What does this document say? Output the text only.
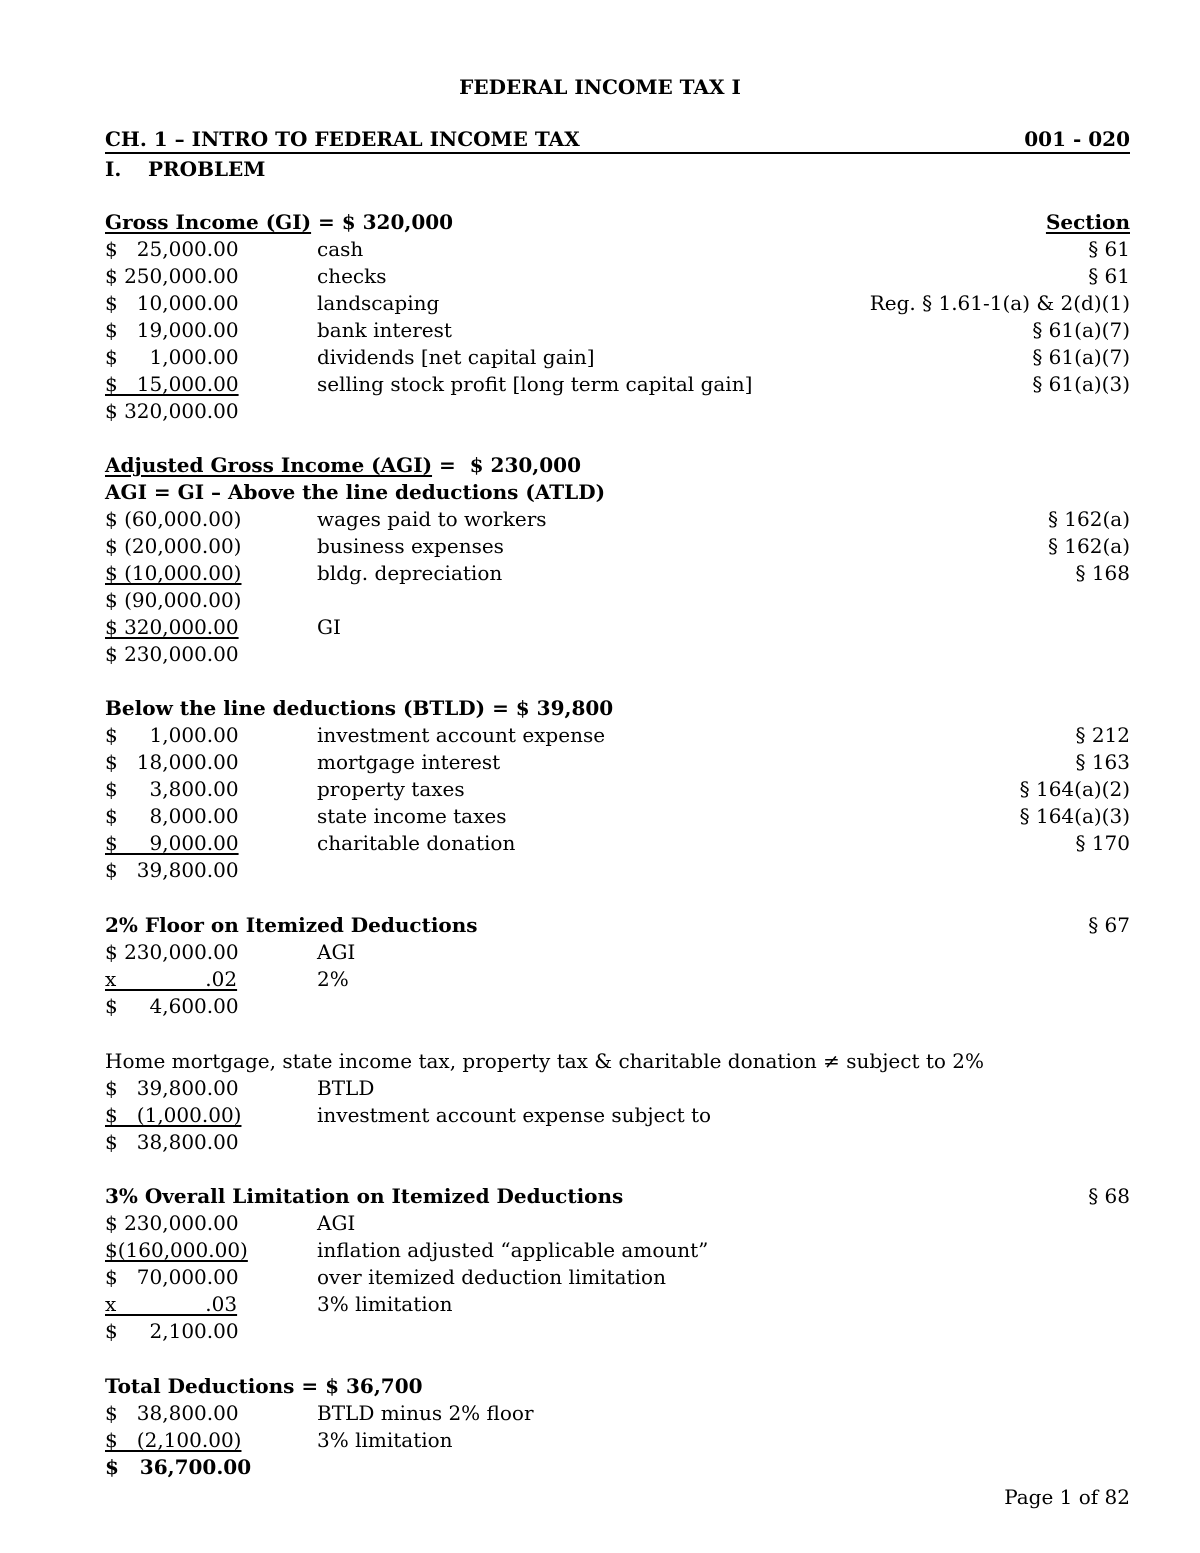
FEDERAL INCOME TAX I
CH. 1 – INTRO TO FEDERAL INCOME TAX	001 - 020
I. PROBLEM
Gross Income (GI) = $ 320,000	Section
$   25,000.00	cash	§ 61
$ 250,000.00	checks	§ 61
$   10,000.00	landscaping	Reg. § 1.61-1(a) & 2(d)(1)
$   19,000.00	bank interest	§ 61(a)(7)
$     1,000.00	dividends [net capital gain]	§ 61(a)(7)
$   15,000.00	selling stock profit [long term capital gain]	§ 61(a)(3)
$ 320,000.00
Adjusted Gross Income (AGI) =  $ 230,000
AGI = GI – Above the line deductions (ATLD)
$ (60,000.00)	wages paid to workers	§ 162(a)
$ (20,000.00)	business expenses	§ 162(a)
$ (10,000.00)	bldg. depreciation	§ 168
$ (90,000.00)
$ 320,000.00	GI
$ 230,000.00
Below the line deductions (BTLD) = $ 39,800
$     1,000.00	investment account expense	§ 212
$   18,000.00	mortgage interest	§ 163
$     3,800.00	property taxes	§ 164(a)(2)
$     8,000.00	state income taxes	§ 164(a)(3)
$     9,000.00	charitable donation	§ 170
$   39,800.00
2% Floor on Itemized Deductions	§ 67
$ 230,000.00	AGI
x              .02	2%
$     4,600.00
Home mortgage, state income tax, property tax & charitable donation ≠ subject to 2%
$   39,800.00	BTLD
$   (1,000.00)	investment account expense subject to
$   38,800.00
3% Overall Limitation on Itemized Deductions	§ 68
$ 230,000.00	AGI
$(160,000.00)	inflation adjusted “applicable amount”
$   70,000.00	over itemized deduction limitation
x              .03	3% limitation
$     2,100.00
Total Deductions = $ 36,700
$   38,800.00	BTLD minus 2% floor
$   (2,100.00)	3% limitation
$   36,700.00
Page 1 of 82
